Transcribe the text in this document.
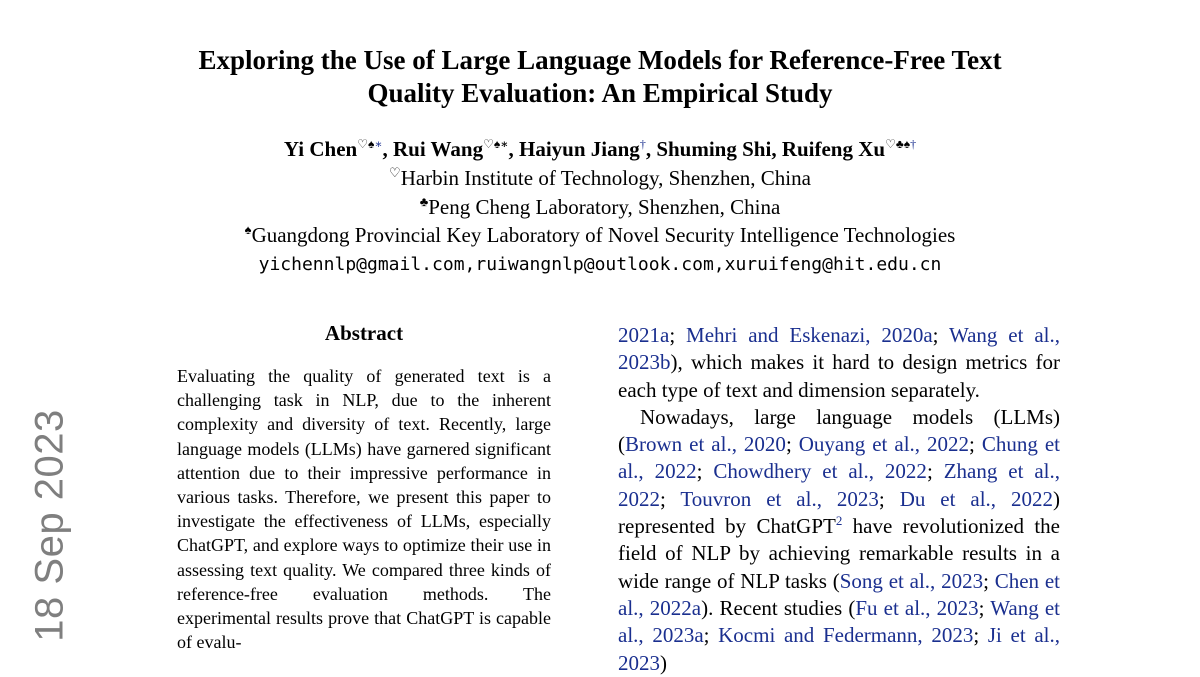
18 Sep 2023
Exploring the Use of Large Language Models for Reference-Free Text
Quality Evaluation: An Empirical Study
Yi Chen♡♠∗, Rui Wang♡♠∗, Haiyun Jiang†, Shuming Shi, Ruifeng Xu♡♣♠†
♡Harbin Institute of Technology, Shenzhen, China
♣Peng Cheng Laboratory, Shenzhen, China
♠Guangdong Provincial Key Laboratory of Novel Security Intelligence Technologies
yichennlp@gmail.com,ruiwangnlp@outlook.com,xuruifeng@hit.edu.cn
Abstract
Evaluating the quality of generated text is a challenging task in NLP, due to the inherent complexity and diversity of text. Recently, large language models (LLMs) have garnered significant attention due to their impressive performance in various tasks. Therefore, we present this paper to investigate the effectiveness of LLMs, especially ChatGPT, and explore ways to optimize their use in assessing text quality. We compared three kinds of reference-free evaluation methods. The experimental results prove that ChatGPT is capable of evalu-

2021a; Mehri and Eskenazi, 2020a; Wang et al., 2023b), which makes it hard to design metrics for each type of text and dimension separately.

Nowadays, large language models (LLMs) (Brown et al., 2020; Ouyang et al., 2022; Chung et al., 2022; Chowdhery et al., 2022; Zhang et al., 2022; Touvron et al., 2023; Du et al., 2022) represented by ChatGPT$^2$ have revolutionized the field of NLP by achieving remarkable results in a wide range of NLP tasks (Song et al., 2023; Chen et al., 2022a). Recent studies (Fu et al., 2023; Wang et al., 2023a; Kocmi and Federmann, 2023; Ji et al., 2023)
